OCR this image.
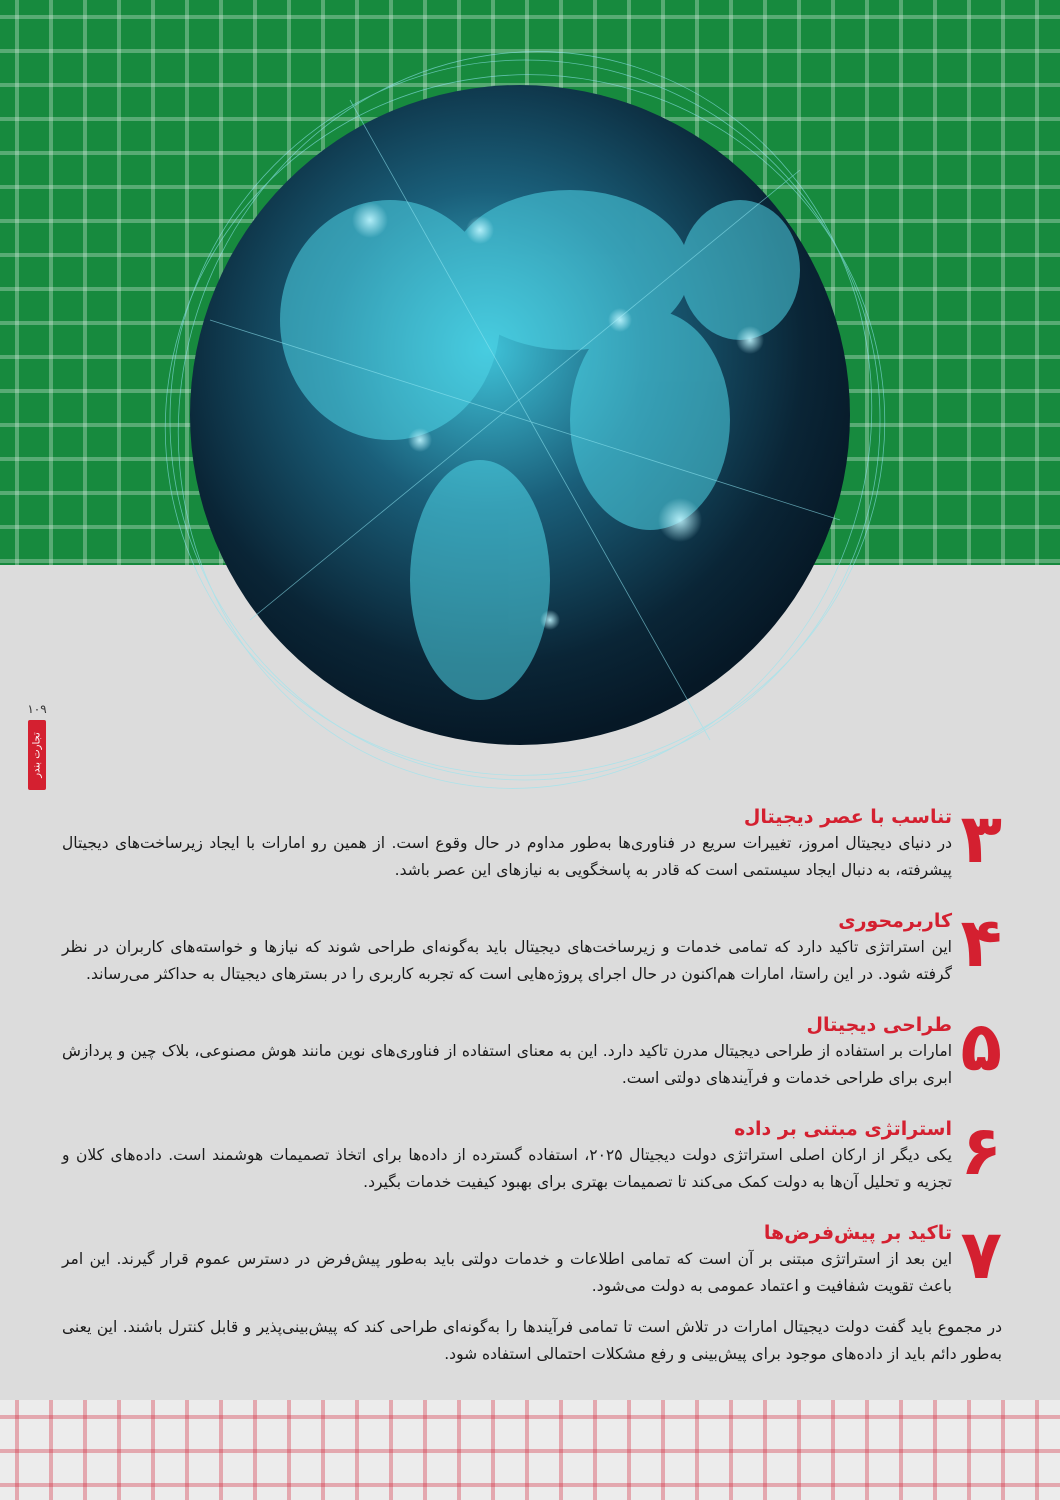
۱۰۹
تجارت بندر
۳
تناسب با عصر دیجیتال

در دنیای دیجیتال امروز، تغییرات سریع در فناوری‌ها به‌طور مداوم در حال وقوع است. از همین رو امارات با ایجاد زیرساخت‌های دیجیتال پیشرفته، به دنبال ایجاد سیستمی است که قادر به پاسخگویی به نیازهای این عصر باشد.

۴
کاربرمحوری

این استراتژی تاکید دارد که تمامی خدمات و زیرساخت‌های دیجیتال باید به‌گونه‌ای طراحی شوند که نیازها و خواسته‌های کاربران در نظر گرفته شود. در این راستا، امارات هم‌اکنون در حال اجرای پروژه‌هایی است که تجربه کاربری را در بسترهای دیجیتال به حداکثر می‌رساند.

۵
طراحی دیجیتال

امارات بر استفاده از طراحی دیجیتال مدرن تاکید دارد. این به معنای استفاده از فناوری‌های نوین مانند هوش مصنوعی، بلاک چین و پردازش ابری برای طراحی خدمات و فرآیندهای دولتی است.

۶
استراتژی مبتنی بر داده

یکی دیگر از ارکان اصلی استراتژی دولت دیجیتال ۲۰۲۵، استفاده گسترده از داده‌ها برای اتخاذ تصمیمات هوشمند است. داده‌های کلان و تجزیه و تحلیل آن‌ها به دولت کمک می‌کند تا تصمیمات بهتری برای بهبود کیفیت خدمات بگیرد.

۷
تاکید بر پیش‌فرض‌ها

این بعد از استراتژی مبتنی بر آن است که تمامی اطلاعات و خدمات دولتی باید به‌طور پیش‌فرض در دسترس عموم قرار گیرند. این امر باعث تقویت شفافیت و اعتماد عمومی به دولت می‌شود.

در مجموع باید گفت دولت دیجیتال امارات در تلاش است تا تمامی فرآیندها را به‌گونه‌ای طراحی کند که پیش‌بینی‌پذیر و قابل کنترل باشند. این یعنی به‌طور دائم باید از داده‌های موجود برای پیش‌بینی و رفع مشکلات احتمالی استفاده شود.
